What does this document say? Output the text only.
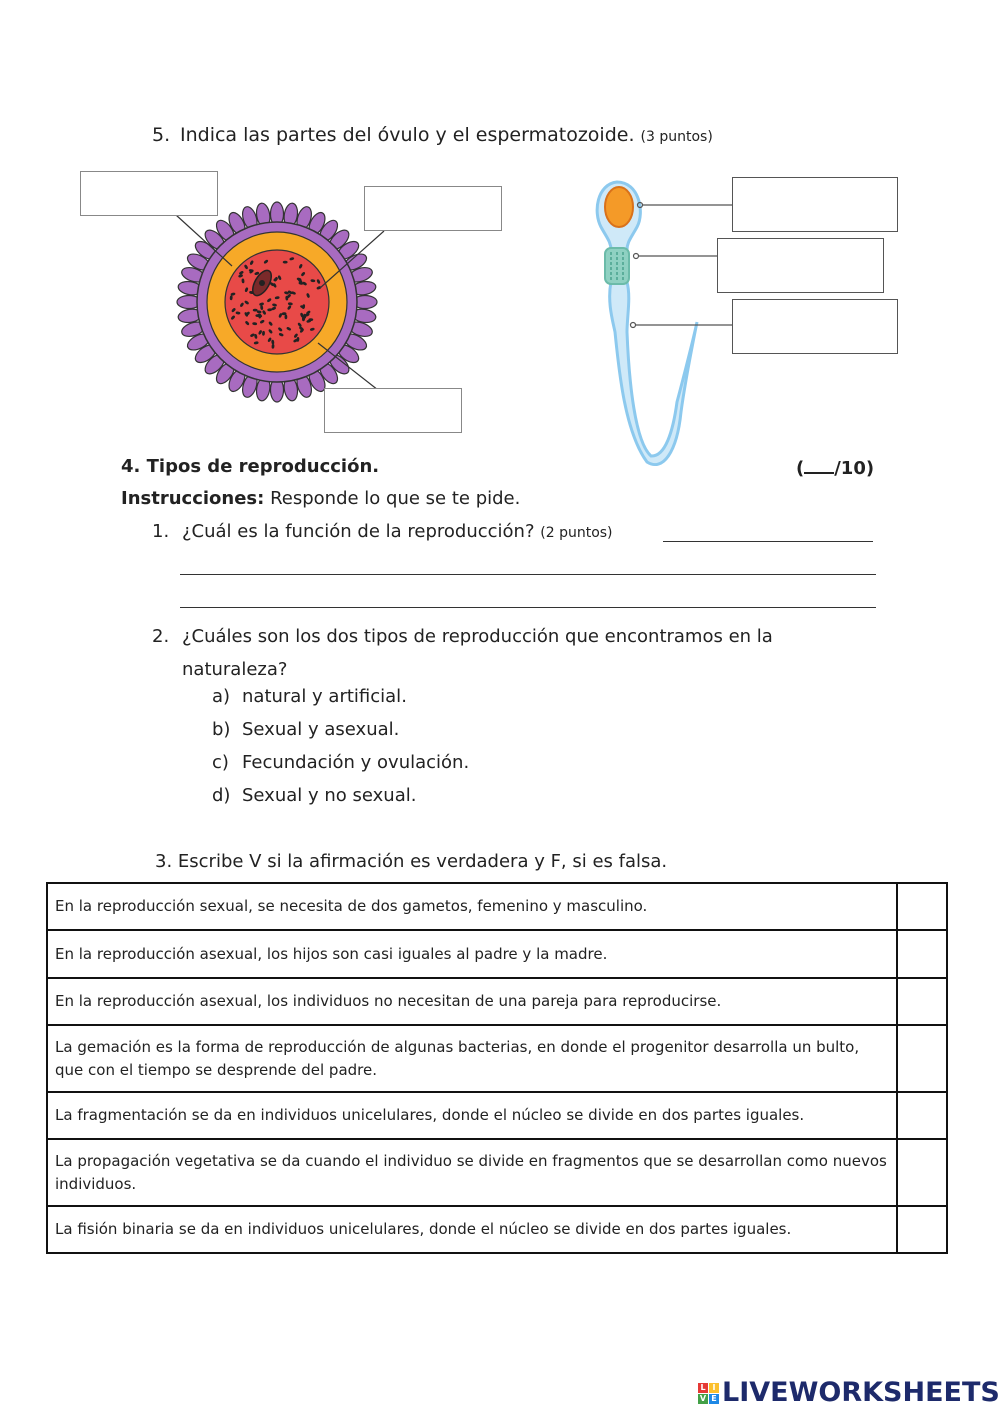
5. Indica las partes del óvulo y el espermatozoide. (3 puntos)
4. Tipos de reproducción.	( /10)
Instrucciones: Responde lo que se te pide.
1. ¿Cuál es la función de la reproducción? (2 puntos)
2. ¿Cuáles son los dos tipos de reproducción que encontramos en la
naturaleza?
a) natural y artificial.
b) Sexual y asexual.
c) Fecundación y ovulación.
d) Sexual y no sexual.
3. Escribe V si la afirmación es verdadera y F, si es falsa.
En la reproducción sexual, se necesita de dos gametos, femenino y masculino.	
En la reproducción asexual, los hijos son casi iguales al padre y la madre.	
En la reproducción asexual, los individuos no necesitan de una pareja para reproducirse.	
La gemación es la forma de reproducción de algunas bacterias, en donde el progenitor desarrolla un bulto, que con el tiempo se desprende del padre.	
La fragmentación se da en individuos unicelulares, donde el núcleo se divide en dos partes iguales.	
La propagación vegetativa se da cuando el individuo se divide en fragmentos que se desarrollan como nuevos individuos.	
La fisión binaria se da en individuos unicelulares, donde el núcleo se divide en dos partes iguales.	
L I
V E LIVEWORKSHEETS
